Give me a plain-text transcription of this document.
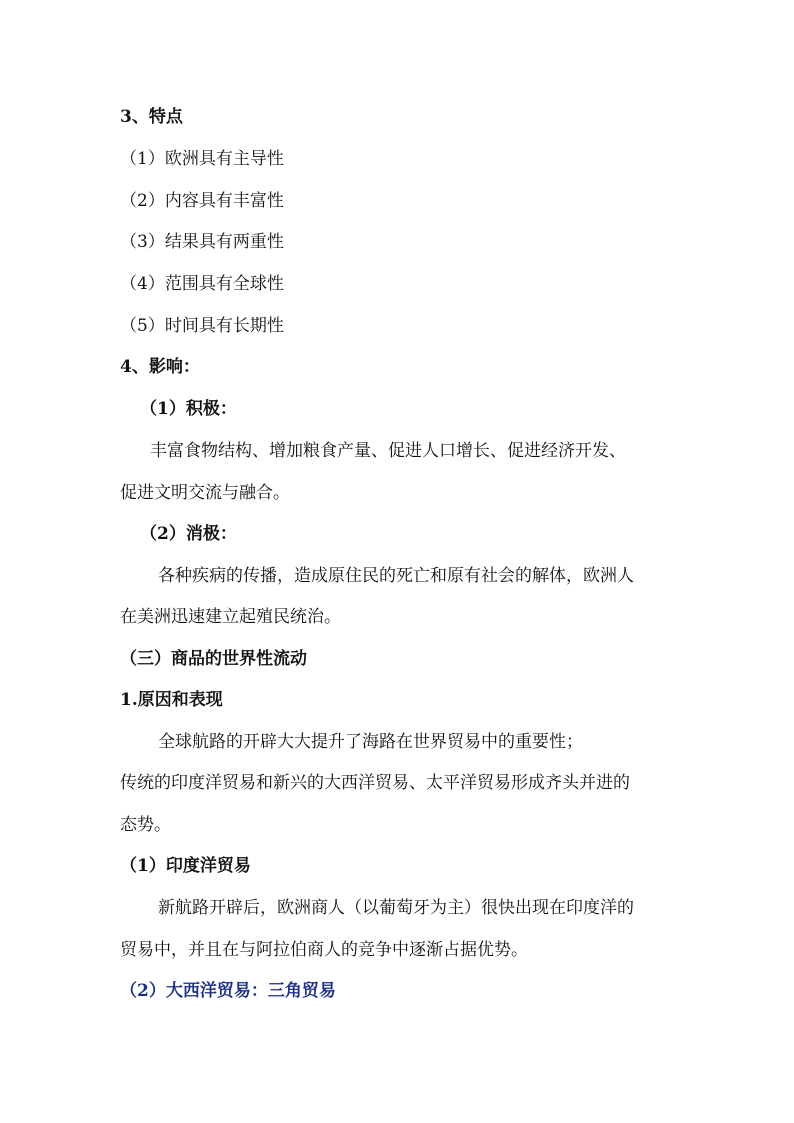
3、特点
（1）欧洲具有主导性
（2）内容具有丰富性
（3）结果具有两重性
（4）范围具有全球性
（5）时间具有长期性
4、影响：
（1）积极：
丰富食物结构、增加粮食产量、促进人口增长、促进经济开发、
促进文明交流与融合。
（2）消极：
各种疾病的传播，造成原住民的死亡和原有社会的解体，欧洲人
在美洲迅速建立起殖民统治。
（三）商品的世界性流动
1.原因和表现
全球航路的开辟大大提升了海路在世界贸易中的重要性；
传统的印度洋贸易和新兴的大西洋贸易、太平洋贸易形成齐头并进的
态势。
（1）印度洋贸易
新航路开辟后，欧洲商人（以葡萄牙为主）很快出现在印度洋的
贸易中，并且在与阿拉伯商人的竞争中逐渐占据优势。
（2）大西洋贸易：三角贸易
